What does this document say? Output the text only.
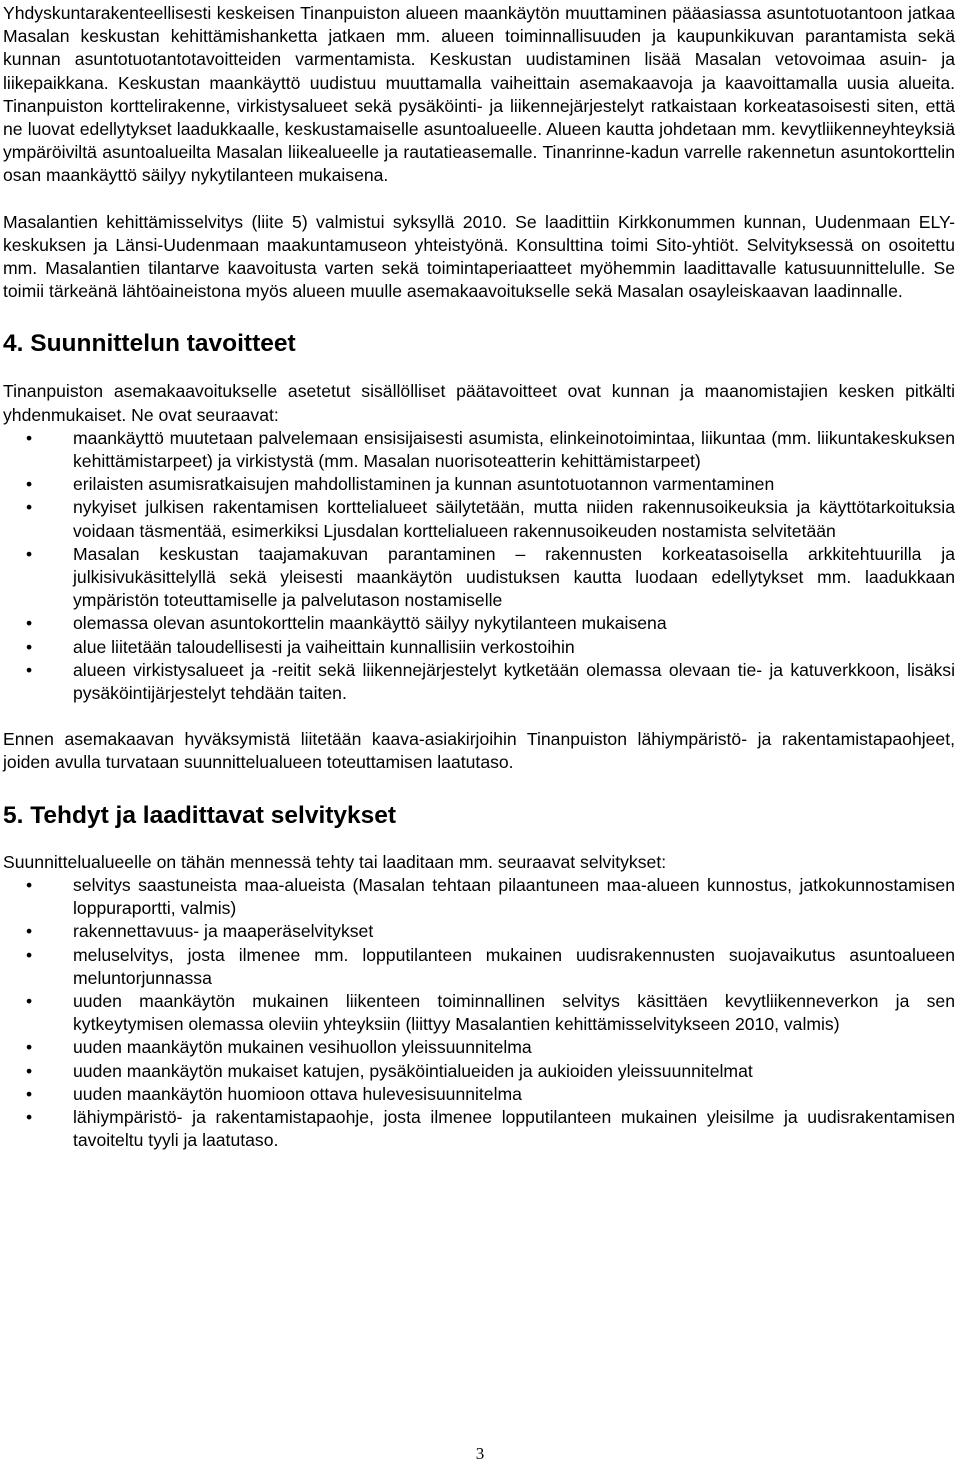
Yhdyskuntarakenteellisesti keskeisen Tinanpuiston alueen maankäytön muuttaminen pääasiassa asuntotuotantoon jatkaa Masalan keskustan kehittämishanketta jatkaen mm. alueen toiminnallisuuden ja kaupunkikuvan parantamista sekä kunnan asuntotuotantotavoitteiden varmentamista. Keskustan uudistaminen lisää Masalan vetovoimaa asuin- ja liikepaikkana. Keskustan maankäyttö uudistuu muuttamalla vaiheittain asemakaavoja ja kaavoittamalla uusia alueita. Tinanpuiston korttelirakenne, virkistysalueet sekä pysäköinti- ja liikennejärjestelyt ratkaistaan korkeatasoisesti siten, että ne luovat edellytykset laadukkaalle, keskustamaiselle asuntoalueelle. Alueen kautta johdetaan mm. kevytliikenneyhteyksiä ympäröiviltä asuntoalueilta Masalan liikealueelle ja rautatieasemalle. Tinanrinne-kadun varrelle rakennetun asuntokorttelin osan maankäyttö säilyy nykytilanteen mukaisena.

Masalantien kehittämisselvitys (liite 5) valmistui syksyllä 2010. Se laadittiin Kirkkonummen kunnan, Uudenmaan ELY-keskuksen ja Länsi-Uudenmaan maakuntamuseon yhteistyönä. Konsulttina toimi Sito-yhtiöt. Selvityksessä on osoitettu mm. Masalantien tilantarve kaavoitusta varten sekä toimintaperiaatteet myöhemmin laadittavalle katusuunnittelulle. Se toimii tärkeänä lähtöaineistona myös alueen muulle asemakaavoitukselle sekä Masalan osayleiskaavan laadinnalle.

4. Suunnittelun tavoitteet

Tinanpuiston asemakaavoitukselle asetetut sisällölliset päätavoitteet ovat kunnan ja maanomistajien kesken pitkälti yhdenmukaiset. Ne ovat seuraavat:

• maankäyttö muutetaan palvelemaan ensisijaisesti asumista, elinkeinotoimintaa, liikuntaa (mm. liikuntakeskuksen kehittämistarpeet) ja virkistystä (mm. Masalan nuorisoteatterin kehittämistarpeet)
• erilaisten asumisratkaisujen mahdollistaminen ja kunnan asuntotuotannon varmentaminen
• nykyiset julkisen rakentamisen korttelialueet säilytetään, mutta niiden rakennusoikeuksia ja käyttötarkoituksia voidaan täsmentää, esimerkiksi Ljusdalan korttelialueen rakennusoikeuden nostamista selvitetään
• Masalan keskustan taajamakuvan parantaminen – rakennusten korkeatasoisella arkkitehtuurilla ja julkisivukäsittelyllä sekä yleisesti maankäytön uudistuksen kautta luodaan edellytykset mm. laadukkaan ympäristön toteuttamiselle ja palvelutason nostamiselle
• olemassa olevan asuntokorttelin maankäyttö säilyy nykytilanteen mukaisena
• alue liitetään taloudellisesti ja vaiheittain kunnallisiin verkostoihin
• alueen virkistysalueet ja -reitit sekä liikennejärjestelyt kytketään olemassa olevaan tie- ja katuverkkoon, lisäksi pysäköintijärjestelyt tehdään taiten.

Ennen asemakaavan hyväksymistä liitetään kaava-asiakirjoihin Tinanpuiston lähiympäristö- ja rakentamistapaohjeet, joiden avulla turvataan suunnittelualueen toteuttamisen laatutaso.

5. Tehdyt ja laadittavat selvitykset

Suunnittelualueelle on tähän mennessä tehty tai laaditaan mm. seuraavat selvitykset:

• selvitys saastuneista maa-alueista (Masalan tehtaan pilaantuneen maa-alueen kunnostus, jatkokunnostamisen loppuraportti, valmis)
• rakennettavuus- ja maaperäselvitykset
• meluselvitys, josta ilmenee mm. lopputilanteen mukainen uudisrakennusten suojavaikutus asuntoalueen meluntorjunnassa
• uuden maankäytön mukainen liikenteen toiminnallinen selvitys käsittäen kevytliikenneverkon ja sen kytkeytymisen olemassa oleviin yhteyksiin (liittyy Masalantien kehittämisselvitykseen 2010, valmis)
• uuden maankäytön mukainen vesihuollon yleissuunnitelma
• uuden maankäytön mukaiset katujen, pysäköintialueiden ja aukioiden yleissuunnitelmat
• uuden maankäytön huomioon ottava hulevesisuunnitelma
• lähiympäristö- ja rakentamistapaohje, josta ilmenee lopputilanteen mukainen yleisilme ja uudisrakentamisen tavoiteltu tyyli ja laatutaso.
3
